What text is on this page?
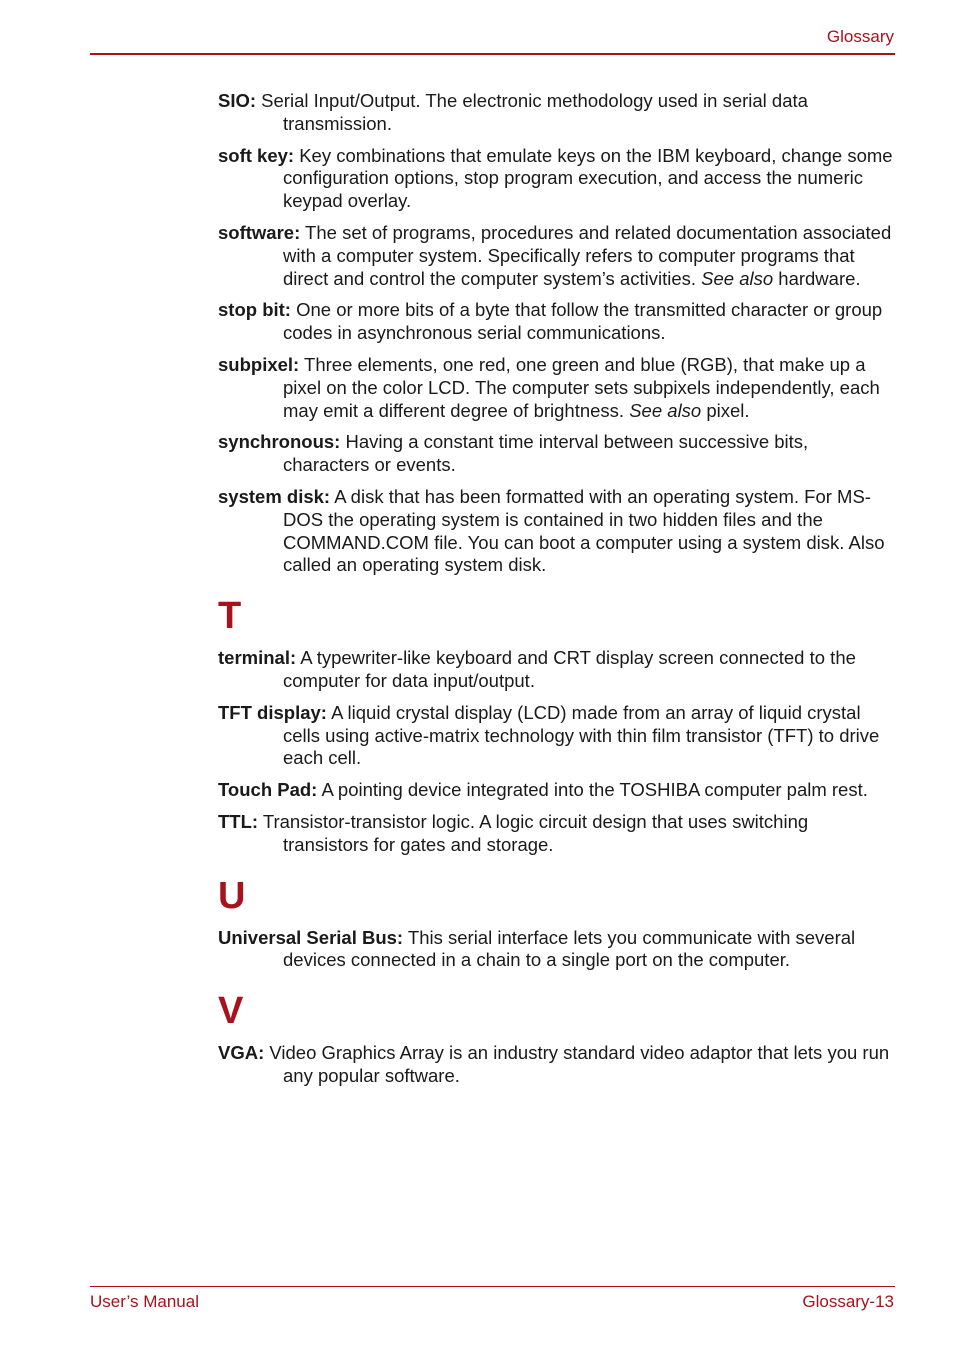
Glossary

SIO: Serial Input/Output. The electronic methodology used in serial data transmission.

soft key: Key combinations that emulate keys on the IBM keyboard, change some configuration options, stop program execution, and access the numeric keypad overlay.

software: The set of programs, procedures and related documentation associated with a computer system. Specifically refers to computer programs that direct and control the computer system’s activities. See also hardware.

stop bit: One or more bits of a byte that follow the transmitted character or group codes in asynchronous serial communications.

subpixel: Three elements, one red, one green and blue (RGB), that make up a pixel on the color LCD. The computer sets subpixels independently, each may emit a different degree of brightness. See also pixel.

synchronous: Having a constant time interval between successive bits, characters or events.

system disk: A disk that has been formatted with an operating system. For MS-DOS the operating system is contained in two hidden files and the COMMAND.COM file. You can boot a computer using a system disk. Also called an operating system disk.

T

terminal: A typewriter-like keyboard and CRT display screen connected to the computer for data input/output.

TFT display: A liquid crystal display (LCD) made from an array of liquid crystal cells using active-matrix technology with thin film transistor (TFT) to drive each cell.

Touch Pad: A pointing device integrated into the TOSHIBA computer palm rest.

TTL: Transistor-transistor logic. A logic circuit design that uses switching transistors for gates and storage.

U

Universal Serial Bus: This serial interface lets you communicate with several devices connected in a chain to a single port on the computer.

V

VGA: Video Graphics Array is an industry standard video adaptor that lets you run any popular software.

User’s Manual	Glossary-13
